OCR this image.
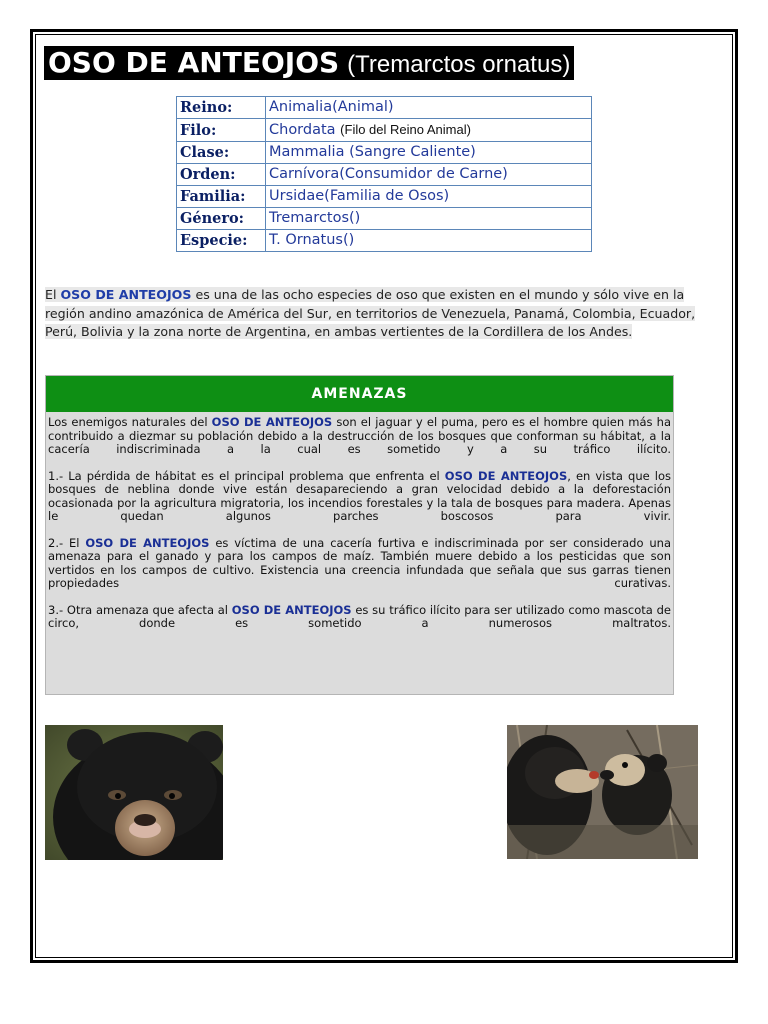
OSO DE ANTEOJOS (Tremarctos ornatus)
Reino:	Animalia(Animal)
Filo:	Chordata (Filo del Reino Animal)
Clase:	Mammalia (Sangre Caliente)
Orden:	Carnívora(Consumidor de Carne)
Familia:	Ursidae(Familia de Osos)
Género:	Tremarctos()
Especie:	T. Ornatus()
El OSO DE ANTEOJOS es una de las ocho especies de oso que existen en el mundo y sólo vive en la región andino amazónica de América del Sur, en territorios de Venezuela, Panamá, Colombia, Ecuador, Perú, Bolivia y la zona norte de Argentina, en ambas vertientes de la Cordillera de los Andes.
AMENAZAS

Los enemigos naturales del OSO DE ANTEOJOS son el jaguar y el puma, pero es el hombre quien más ha contribuido a diezmar su población debido a la destrucción de los bosques que conforman su hábitat, a la cacería indiscriminada a la cual es sometido y a su tráfico ilícito.

1.- La pérdida de hábitat es el principal problema que enfrenta el OSO DE ANTEOJOS, en vista que los bosques de neblina donde vive están desapareciendo a gran velocidad debido a la deforestación ocasionada por la agricultura migratoria, los incendios forestales y la tala de bosques para madera. Apenas le quedan algunos parches boscosos para vivir.

2.- El OSO DE ANTEOJOS es víctima de una cacería furtiva e indiscriminada por ser considerado una amenaza para el ganado y para los campos de maíz. También muere debido a los pesticidas que son vertidos en los campos de cultivo. Existencia una creencia infundada que señala que sus garras tienen propiedades curativas.

3.- Otra amenaza que afecta al OSO DE ANTEOJOS es su tráfico ilícito para ser utilizado como mascota de circo, donde es sometido a numerosos maltratos.
